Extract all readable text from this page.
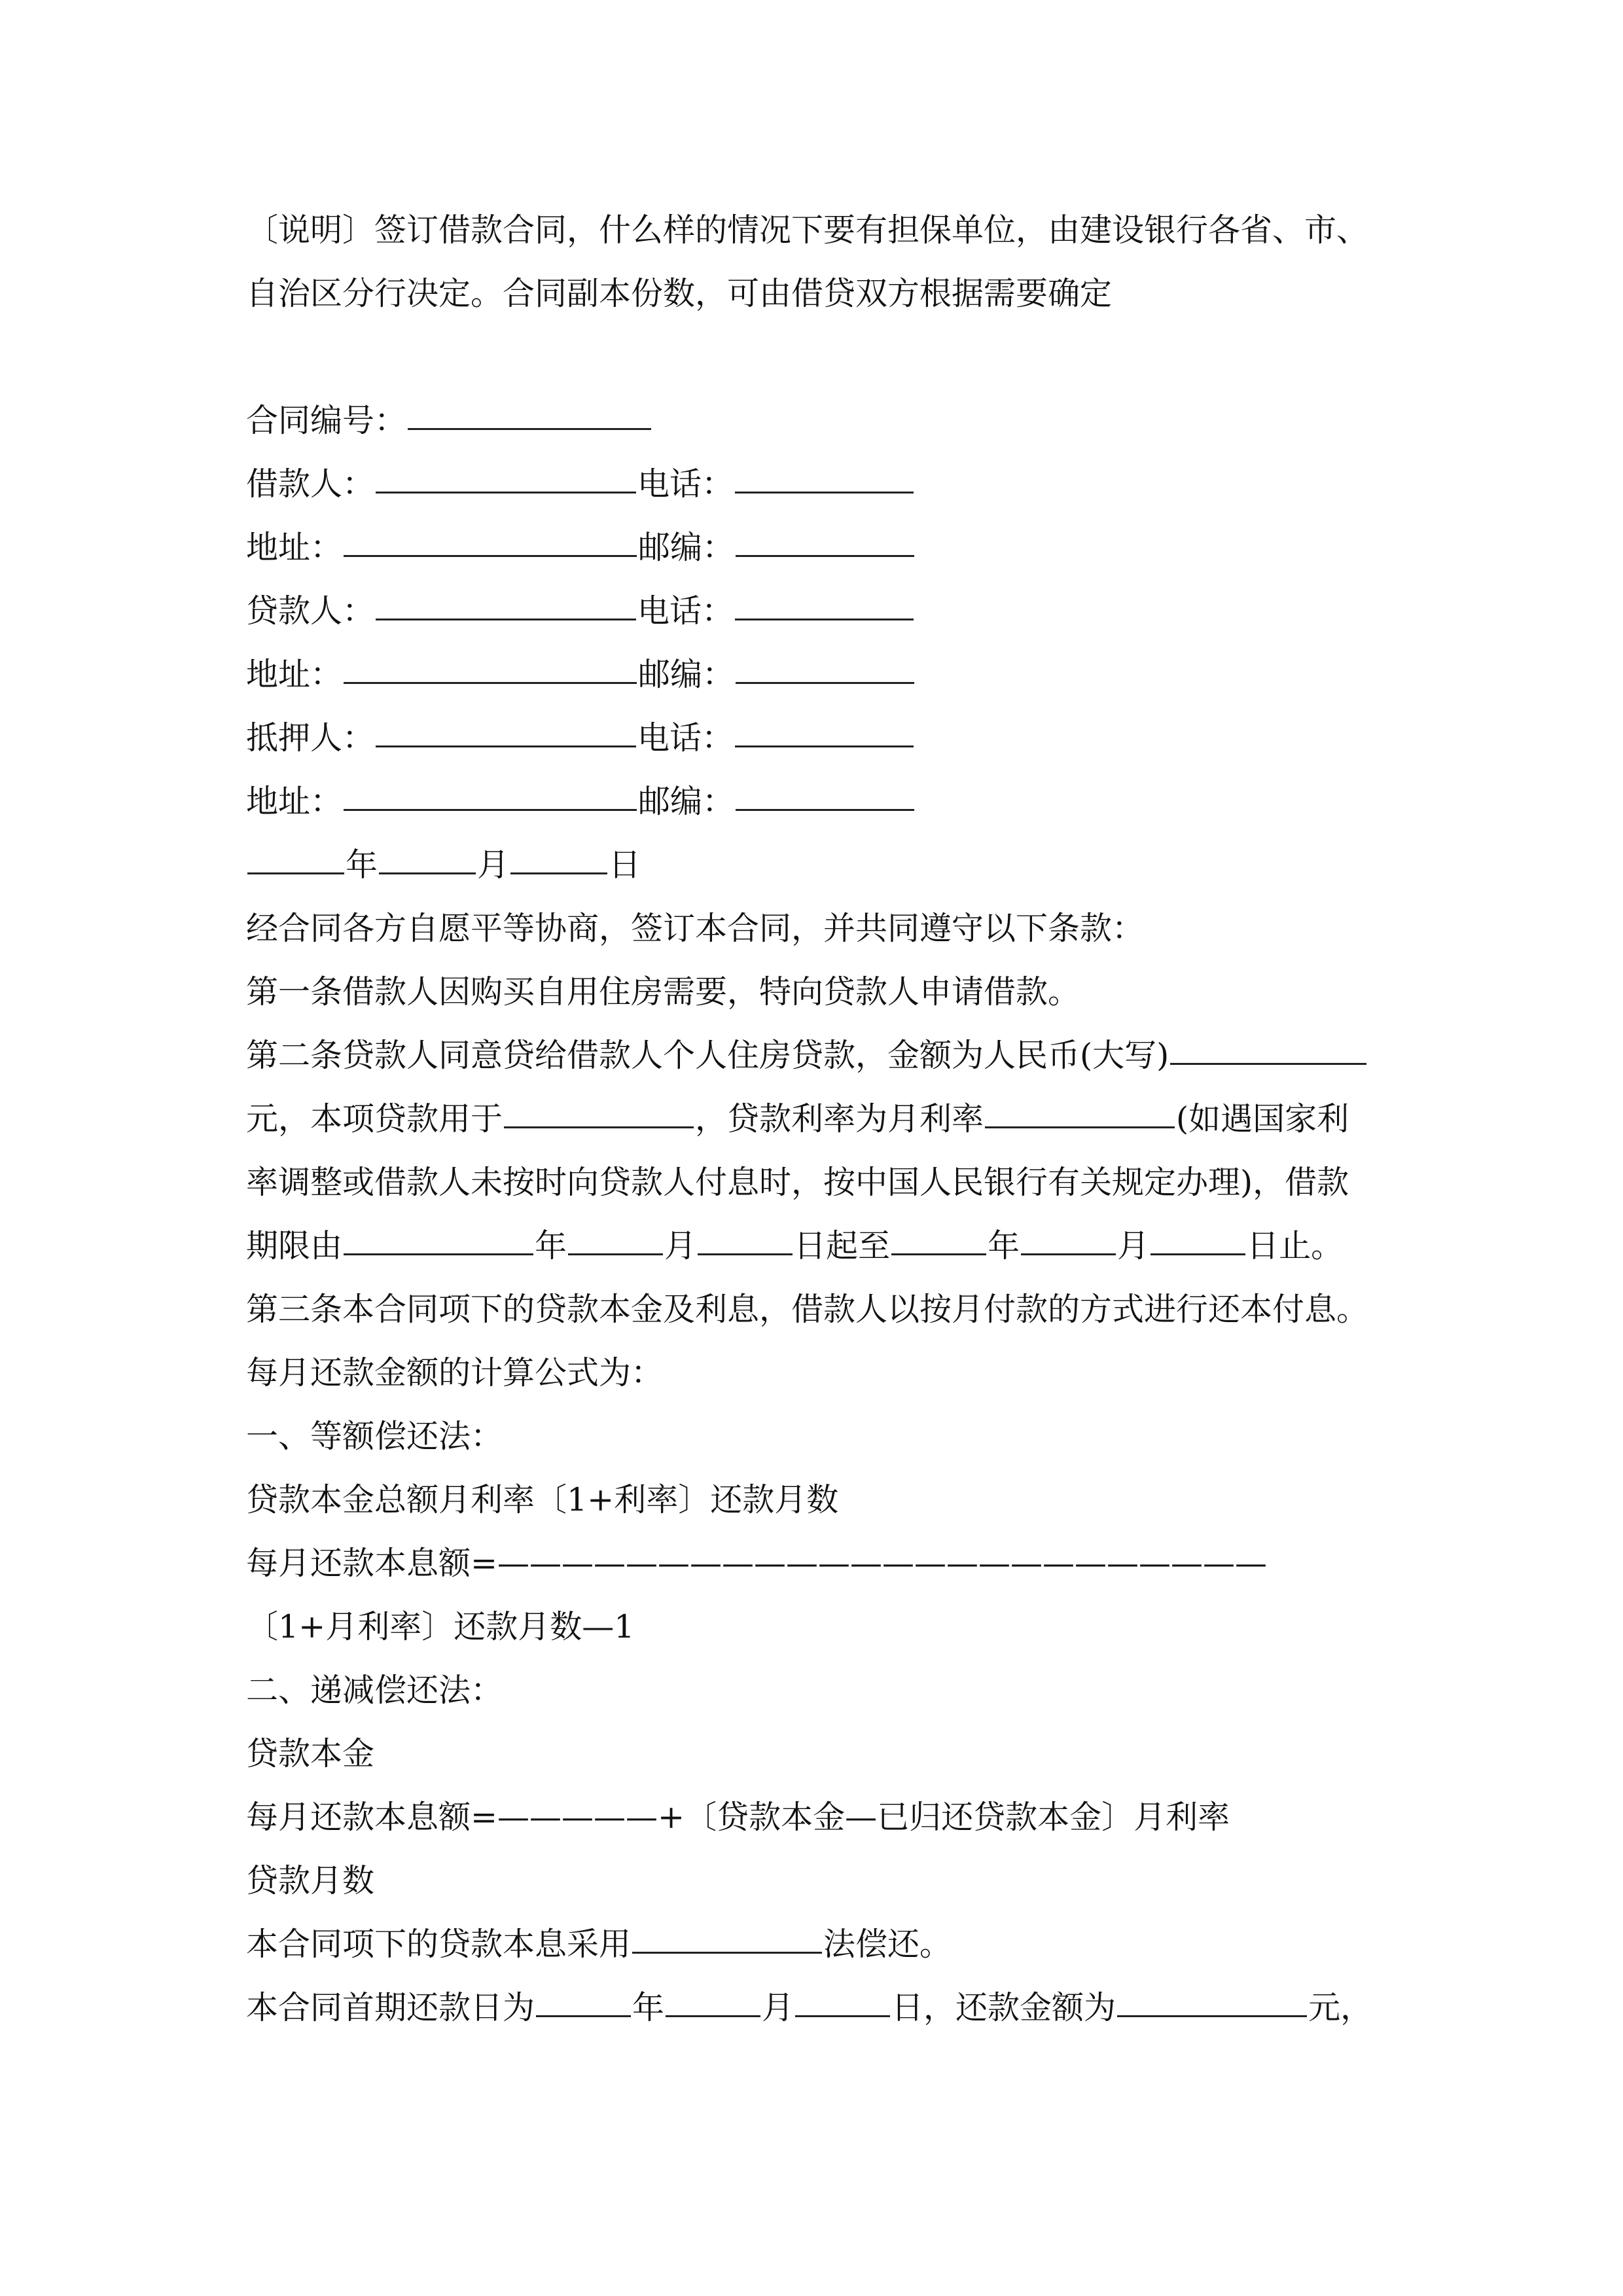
〔说明〕签订借款合同，什么样的情况下要有担保单位，由建设银行各省、市、
自治区分行决定。合同副本份数，可由借贷双方根据需要确定
合同编号：
借款人：	电话：
地址：	邮编：
贷款人：	电话：
地址：	邮编：
抵押人：	电话：
地址：	邮编：
年	月	日
经合同各方自愿平等协商，签订本合同，并共同遵守以下条款：
第一条借款人因购买自用住房需要，特向贷款人申请借款。
第二条贷款人同意贷给借款人个人住房贷款，金额为人民币(大写)
元，本项贷款用于	，贷款利率为月利率	(如遇国家利
率调整或借款人未按时向贷款人付息时，按中国人民银行有关规定办理)，借款
期限由	年	月	日起至	年	月	日止。
第三条本合同项下的贷款本金及利息，借款人以按月付款的方式进行还本付息。
每月还款金额的计算公式为：
一、等额偿还法：
贷款本金总额月利率〔1+利率〕还款月数
每月还款本息额=————————————————————————
〔1+月利率〕还款月数—1
二、递减偿还法：
贷款本金
每月还款本息额=—————+〔贷款本金—已归还贷款本金〕月利率
贷款月数
本合同项下的贷款本息采用	法偿还。
本合同首期还款日为	年	月	日，还款金额为	元，
